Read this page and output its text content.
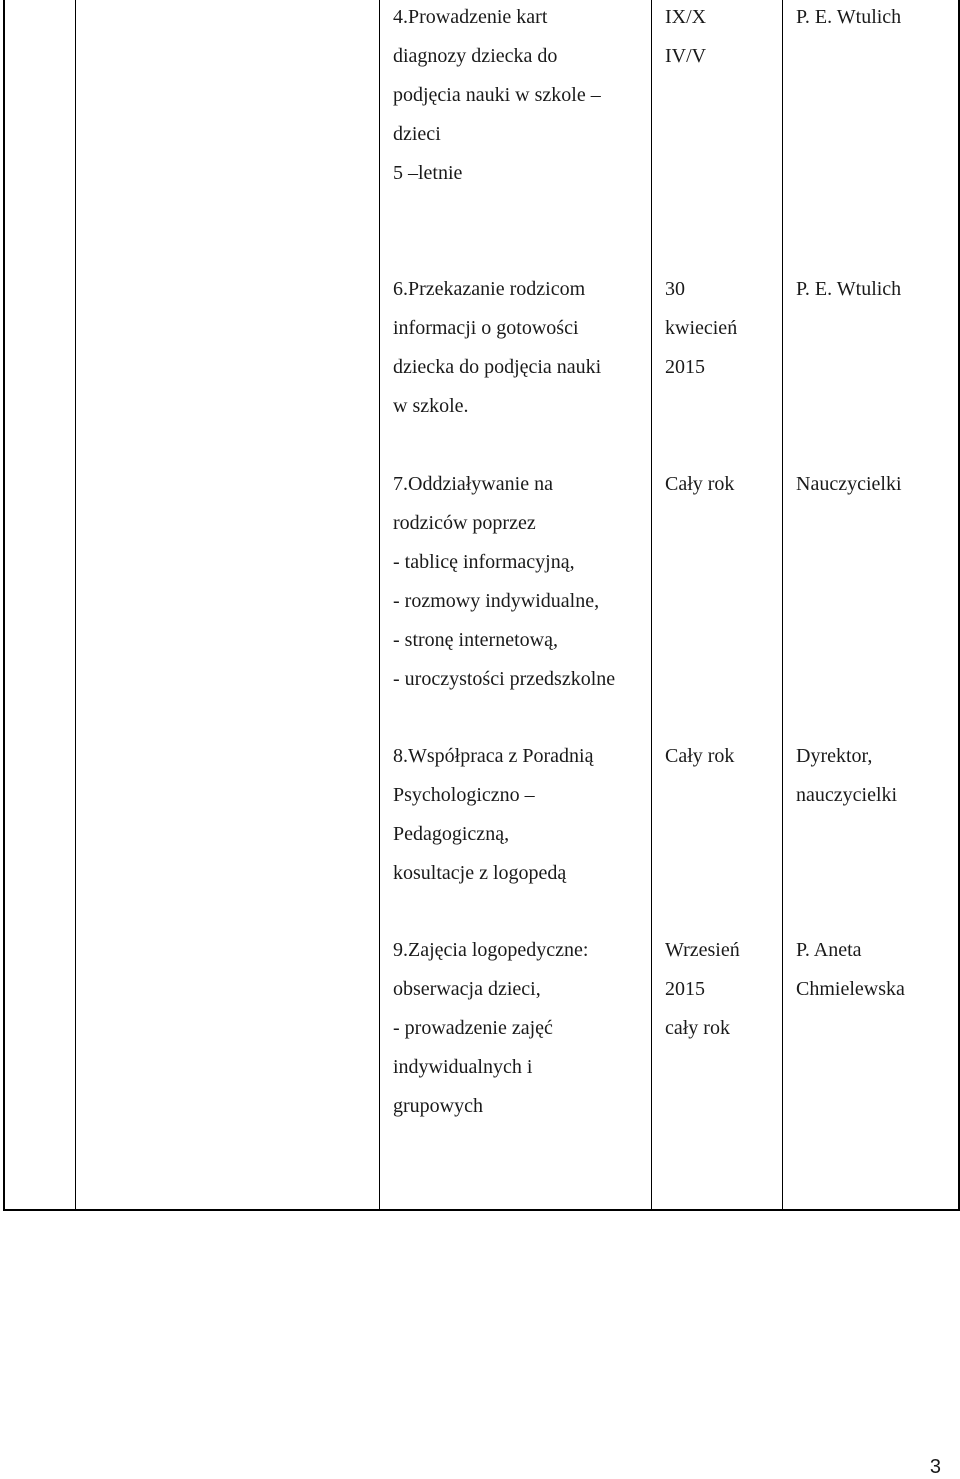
4.Prowadzenie kart
diagnozy dziecka do
podjęcia nauki w szkole –
dzieci
5 –letnie
IX/X
IV/V
P. E. Wtulich
6.Przekazanie rodzicom
informacji o gotowości
dziecka do podjęcia nauki
w szkole.
30
kwiecień
2015
P. E. Wtulich
7.Oddziaływanie na
rodziców poprzez
- tablicę informacyjną,
- rozmowy indywidualne,
- stronę internetową,
- uroczystości przedszkolne
Cały rok	Nauczycielki
8.Współpraca z Poradnią
Psychologiczno –
Pedagogiczną,
kosultacje z logopedą
Cały rok	Dyrektor,
nauczycielki
9.Zajęcia logopedyczne:
obserwacja dzieci,
- prowadzenie zajęć
indywidualnych i
grupowych
Wrzesień
2015
cały rok
P. Aneta
Chmielewska
3
